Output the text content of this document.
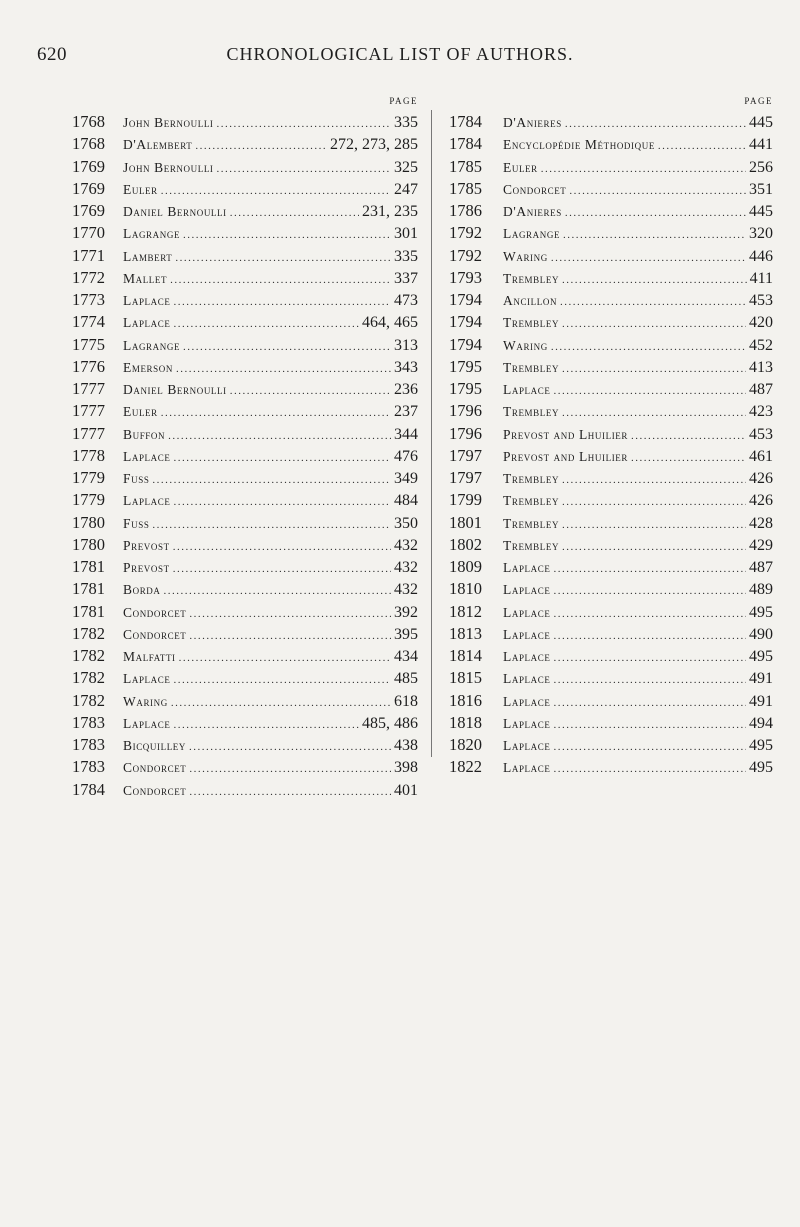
620	CHRONOLOGICAL LIST OF AUTHORS.
PAGE
1768	John Bernoulli .....	335
1768	D'Alembert .....	272, 273, 285
1769	John Bernoulli .....	325
1769	Euler .....	247
1769	Daniel Bernoulli .....	231, 235
1770	Lagrange .....	301
1771	Lambert .....	335
1772	Mallet .....	337
1773	Laplace .....	473
1774	Laplace .....	464, 465
1775	Lagrange .....	313
1776	Emerson .....	343
1777	Daniel Bernoulli .....	236
1777	Euler .....	237
1777	Buffon .....	344
1778	Laplace .....	476
1779	Fuss .....	349
1779	Laplace .....	484
1780	Fuss .....	350
1780	Prevost .....	432
1781	Prevost .....	432
1781	Borda .....	432
1781	Condorcet .....	392
1782	Condorcet .....	395
1782	Malfatti .....	434
1782	Laplace .....	485
1782	Waring .....	618
1783	Laplace .....	485, 486
1783	Bicquilley .....	438
1783	Condorcet .....	398
1784	Condorcet .....	401
PAGE
1784	D'Anieres .....	445
1784	Encyclopédie Méthodique .....	441
1785	Euler .....	256
1785	Condorcet .....	351
1786	D'Anieres .....	445
1792	Lagrange .....	320
1792	Waring .....	446
1793	Trembley .....	411
1794	Ancillon .....	453
1794	Trembley .....	420
1794	Waring .....	452
1795	Trembley .....	413
1795	Laplace .....	487
1796	Trembley .....	423
1796	Prevost and Lhuilier .....	453
1797	Prevost and Lhuilier .....	461
1797	Trembley .....	426
1799	Trembley .....	426
1801	Trembley .....	428
1802	Trembley .....	429
1809	Laplace .....	487
1810	Laplace .....	489
1812	Laplace .....	495
1813	Laplace .....	490
1814	Laplace .....	495
1815	Laplace .....	491
1816	Laplace .....	491
1818	Laplace .....	494
1820	Laplace .....	495
1822	Laplace .....	495
